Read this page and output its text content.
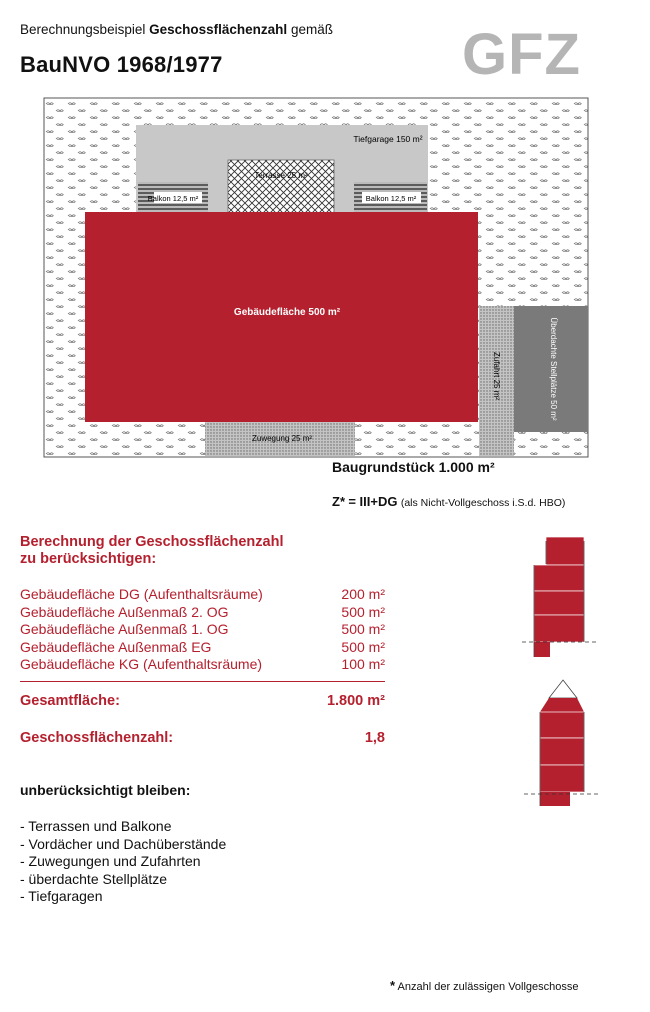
Berechnungsbeispiel Geschossflächenzahl gemäß
BauNVO 1968/1977	GFZ
Tiefgarage 150 m²
Terrasse 25 m²
Balkon 12,5 m²	Balkon 12,5 m²
Gebäudefläche 500 m²
Zuwegung 25 m²
Zufahrt 25 m²	Überdachte Stellplätze 50 m²
Baugrundstück 1.000 m²
Z* = III+DG (als Nicht-Vollgeschoss i.S.d. HBO)
Berechnung der Geschossflächenzahl
zu berücksichtigen:
Gebäudefläche DG (Aufenthaltsräume)	200 m²
Gebäudefläche Außenmaß 2. OG	500 m²
Gebäudefläche Außenmaß 1. OG	500 m²
Gebäudefläche Außenmaß EG	500 m²
Gebäudefläche KG (Aufenthaltsräume)	100 m²
Gesamtfläche:	1.800 m²
Geschossflächenzahl:	1,8
unberücksichtigt bleiben:
- Terrassen und Balkone
- Vordächer und Dachüberstände
- Zuwegungen und Zufahrten
- überdachte Stellplätze
- Tiefgaragen
* Anzahl der zulässigen Vollgeschosse
